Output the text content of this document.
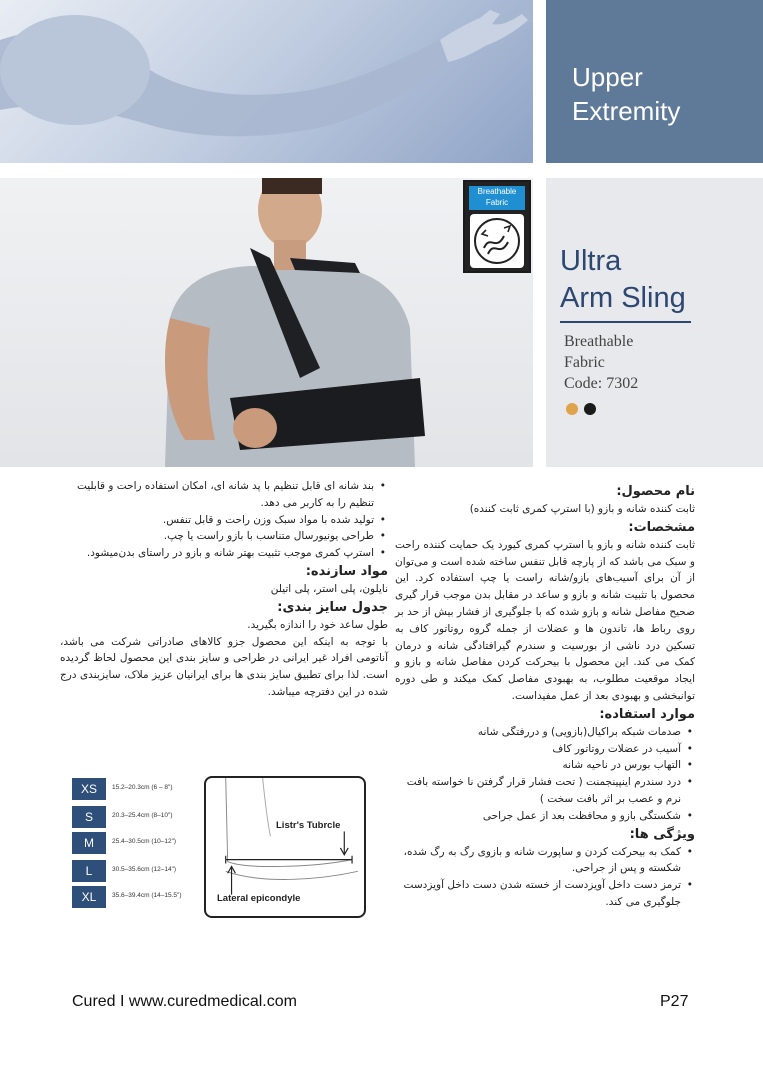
Upper
Extremity
Breathable Fabric
Ultra
Arm Sling
Breathable
Fabric
Code: 7302
نام محصول:

ثابت کننده شانه و بازو (با استرپ کمری ثابت کننده)

مشخصات:

ثابت کننده شانه و بازو با استرپ کمری کیورد یک حمایت کننده راحت و سبک می باشد که از پارچه قابل تنفس ساخته شده است و می‌توان از آن برای آسیب‌های بازو/شانه راست یا چپ استفاده کرد. این محصول با تثبیت شانه و بازو و ساعد در مقابل بدن موجب قرار گیری صحیح مفاصل شانه و بازو شده که با جلوگیری از فشار بیش از حد بر روی رباط ها، تاندون ها و عضلات از جمله گروه روتاتور کاف به تسکین درد ناشی از بورسیت و سندرم گیرافتادگی شانه و درمان کمک می کند. این محصول با بیحرکت کردن مفاصل شانه و بازو و ایجاد موقعیت مطلوب، به بهبودی مفاصل کمک میکند و طی دوره توانبخشی و بهبودی بعد از عمل مفیداست.

موارد استفاده:
• صدمات شبکه براکیال(بازویی) و دررفتگی شانه
• آسیب در عضلات روتاتور کاف
• التهاب بورس در ناحیه شانه
• درد سندرم اینپینجمنت ( تحت فشار قرار گرفتن نا خواسته بافت نرم و عصب بر اثر بافت سخت )
• شکستگی بازو و محافظت بعد از عمل جراحی
ویژگی ها:
• کمک به بیحرکت کردن و ساپورت شانه و بازوی رگ به رگ شده، شکسته و پس از جراحی.
• ترمز دست داخل آویزدست از خسته شدن دست داخل آویزدست جلوگیری می کند.
• بند شانه ای قابل تنظیم با پد شانه ای، امکان استفاده راحت و قابلیت تنظیم را به کاربر می دهد.
• تولید شده با مواد سبک وزن راحت و قابل تنفس.
• طراحی یونیورسال متناسب با بازو راست یا چپ.
• استرپ کمری موجب تثبیت بهتر شانه و بازو در راستای بدن‌میشود.
مواد سازنده:

نایلون، پلی استر، پلی اتیلن

جدول سایز بندی:

طول ساعد خود را اندازه بگیرید.

با توجه به اینکه این محصول جزو کالاهای صادراتی شرکت می باشد، آناتومی افراد غیر ایرانی در طراحی و سایز بندی این محصول لحاظ گردیده است. لذا برای تطبیق سایز بندی ها برای ایرانیان عزیز ملاک، سایزبندی درج شده در این دفترچه میباشد.

XS	15.2–20.3cm (6 – 8")
S	20.3–25.4cm (8–10")
M	25.4–30.5cm (10–12")
L	30.5–35.6cm (12–14")
XL	35.6–39.4cm (14–15.5")
Listr's Tubrcle
Lateral epicondyle
Cured I www.curedmedical.com	P27
